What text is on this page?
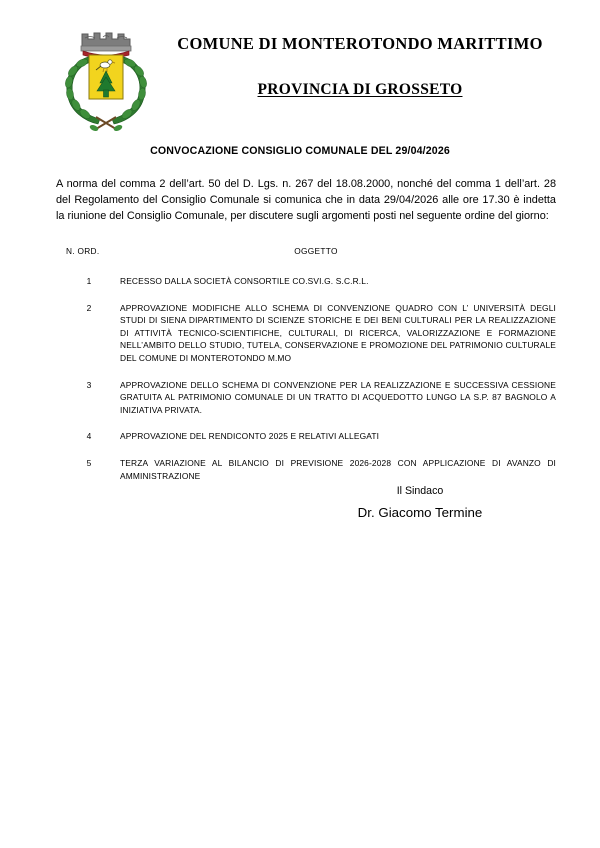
COMUNE DI MONTEROTONDO MARITTIMO
PROVINCIA DI GROSSETO
CONVOCAZIONE CONSIGLIO COMUNALE DEL 29/04/2026
A norma del comma 2 dell’art. 50 del D. Lgs. n. 267 del 18.08.2000, nonché del comma 1 dell’art. 28 del Regolamento del Consiglio Comunale si comunica che in data 29/04/2026 alle ore 17.30 è indetta la riunione del Consiglio Comunale, per discutere sugli argomenti posti nel seguente ordine del giorno:
N. ORD.	OGGETTO
1	RECESSO DALLA SOCIETÀ CONSORTILE CO.SVI.G. S.C.R.L.
2	APPROVAZIONE MODIFICHE ALLO SCHEMA DI CONVENZIONE QUADRO CON L’ UNIVERSITÀ DEGLI STUDI DI SIENA DIPARTIMENTO DI SCIENZE STORICHE E DEI BENI CULTURALI PER LA REALIZZAZIONE DI ATTIVITÀ TECNICO-SCIENTIFICHE, CULTURALI, DI RICERCA, VALORIZZAZIONE E FORMAZIONE NELL’AMBITO DELLO STUDIO, TUTELA, CONSERVAZIONE E PROMOZIONE DEL PATRIMONIO CULTURALE DEL COMUNE DI MONTEROTONDO M.MO
3	APPROVAZIONE DELLO SCHEMA DI CONVENZIONE PER LA REALIZZAZIONE E SUCCESSIVA CESSIONE GRATUITA AL PATRIMONIO COMUNALE DI UN TRATTO DI ACQUEDOTTO LUNGO LA S.P. 87 BAGNOLO A INIZIATIVA PRIVATA.
4	APPROVAZIONE DEL RENDICONTO 2025 E RELATIVI ALLEGATI
5	TERZA VARIAZIONE AL BILANCIO DI PREVISIONE 2026-2028 CON APPLICAZIONE DI AVANZO DI AMMINISTRAZIONE
Il Sindaco
Dr. Giacomo Termine
